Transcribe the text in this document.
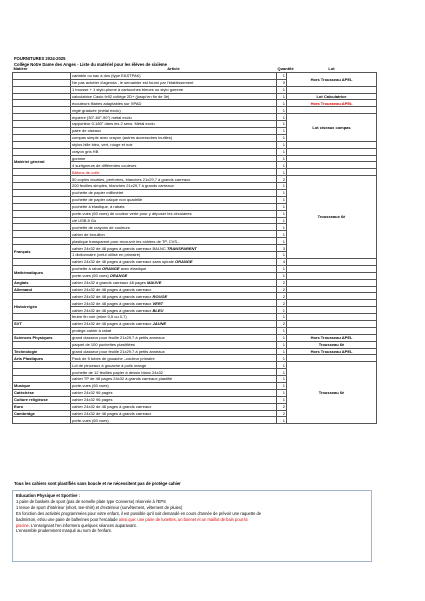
FOURNITURES 2024-2025
Collège Notre Dame des Anges - Liste du matériel pour les élèves de sixième
Matière	Article	Quantité	Lot
	cartable ou sac à dos (type EASTPAK)	1	Hors Trousseau APEL
	Ne pas acheter d'agenda , le semainier est fourni par l'établissement	0	
	1 trousse + 1 stylo-plume à cartouches bleues ou stylo gomme	1	
	calculatrice Casio fx92 collège 2D+ (jusqu'en fin de 3è)	1	Lot Calculatrice
	écouteurs filaires adaptables sur l'IPAD	1	Hors Trousseau APEL
	règle graduée (métal exclu)	1	
	équerre (30°-60°-90°) métal exclu	1	Lot ciseaux compas
	rapporteur 0-180° dans les 2 sens. Métal exclu	1	
	paire de ciseaux	1	
	compas simple avec crayon (autres accessoires inutiles)	1	
	stylos bille bleu, vert, rouge et noir	1	
	crayon gris HB	1	
Matériel général	gomme	1	
	4 surligneurs de différentes couleurs	1	
	Bâtons de colle	1	
	50 copies doubles, perforées, blanches 21x29,7 à grands carreaux	2	Trousseaux 6è
	200 feuilles simples, blanches 21x29,7 à grands carreaux	1	
	pochette de papier millimétré	1	
	pochette de papier calque non quadrillé	1	
	pochette à élastique, à rabats	1	
	porte-vues (60 vues) de couleur verte pour y déposer les circulaires	1	
	clé USB 8 Go	1	
	pochette de crayons de couleurs	1	
	cahier de brouillon	1	
	plastique transparent pour recouvrir les cahiers de TP, CVS...	1	
Français	cahier 24x32 de 48 pages à grands carreaux BALNC TRANSPARENT	3	
	1 dictionnaire (celui utilisé en primaire)	1	
	cahier 24x32 de 48 pages à grands carreaux sans spirale ORANGE	4	
Mathématiques	pochette à rabat ORANGE avec élastique	1	
	porte-vues (60 vues) ORANGE	1	
Anglais	cahier 24x32 à grands carreaux 48 pages MAUVE	2	
Allemand	cahier 24x32 de 48 pages à grands carreaux	2	
	cahier 24x32 de 48 pages à grands carreaux ROUGE	2	
Histoire/géo	cahier 24x32 de 48 pages à grands carreaux VERT	2	
	cahier 24x32 de 48 pages à grands carreaux BLEU	1	
	feutre fin noir (mine 0,5 ou 0,7)	1	
SVT	cahier 24x32 de 48 pages à grands carreaux JAUNE	2	
	protège cahier à rabat	1	
Sciences Physiques	grand classeur pour feuille 21x29.7 à petits anneaux	1	Hors Trousseau APEL
	paquet de 100 pochettes plastifiées	1	Trousseau 6è
Technologie	grand classeur pour feuille 21x29.7 à petits anneaux	1	Hors Trousseau APEL
Arts Plastiques	Pack de 5 tubes de gouache –couleur primaire	1	
	Lot de pinceaux à gouache à poils orange	1	Trousseau 6è
	pochette de 12 feuilles papier à dessin blanc 24x32	1	
	cahier TP de 48 pages 24x32 à grands carreaux plastifié	1	
Musique	porte-vues (60 vues)	1	
Catéchèse	cahier 24x32 96 pages	1	
Culture religieuse	cahier 24x32 96 pages	1	
Euro	cahier 24x32 de 48 pages à grands carreaux	2	
Cambridge	cahier 24x32 de 48 pages à grands carreaux	2	
	porte-vues (60 vues)	1	
Tous les cahiers sont plastifiés sans boucle et ne nécessitent pas de protège cahier
Education Physique et Sportive :
1 paire de baskets de sport (pas de semelle plate type Converse) réservée à l'EPS
1 tenue de sport d'intérieur (short, tee-shirt) et d'extérieur (survêtement, vêtement de pluies)
En fonction des activités programmées pour votre enfant, il est possible qu'il soit demandé en cours d'année de prévoir une raquette de
badminton, et/ou une paire de ballerines pour l'escalade ainsi que: une paire de lunettes, un bonnet et un maillot de bain pour la
piscine. L'enseignant l'en informera quelques séances auparavant.
L'ensemble prudemment marqué au nom de l'enfant.
